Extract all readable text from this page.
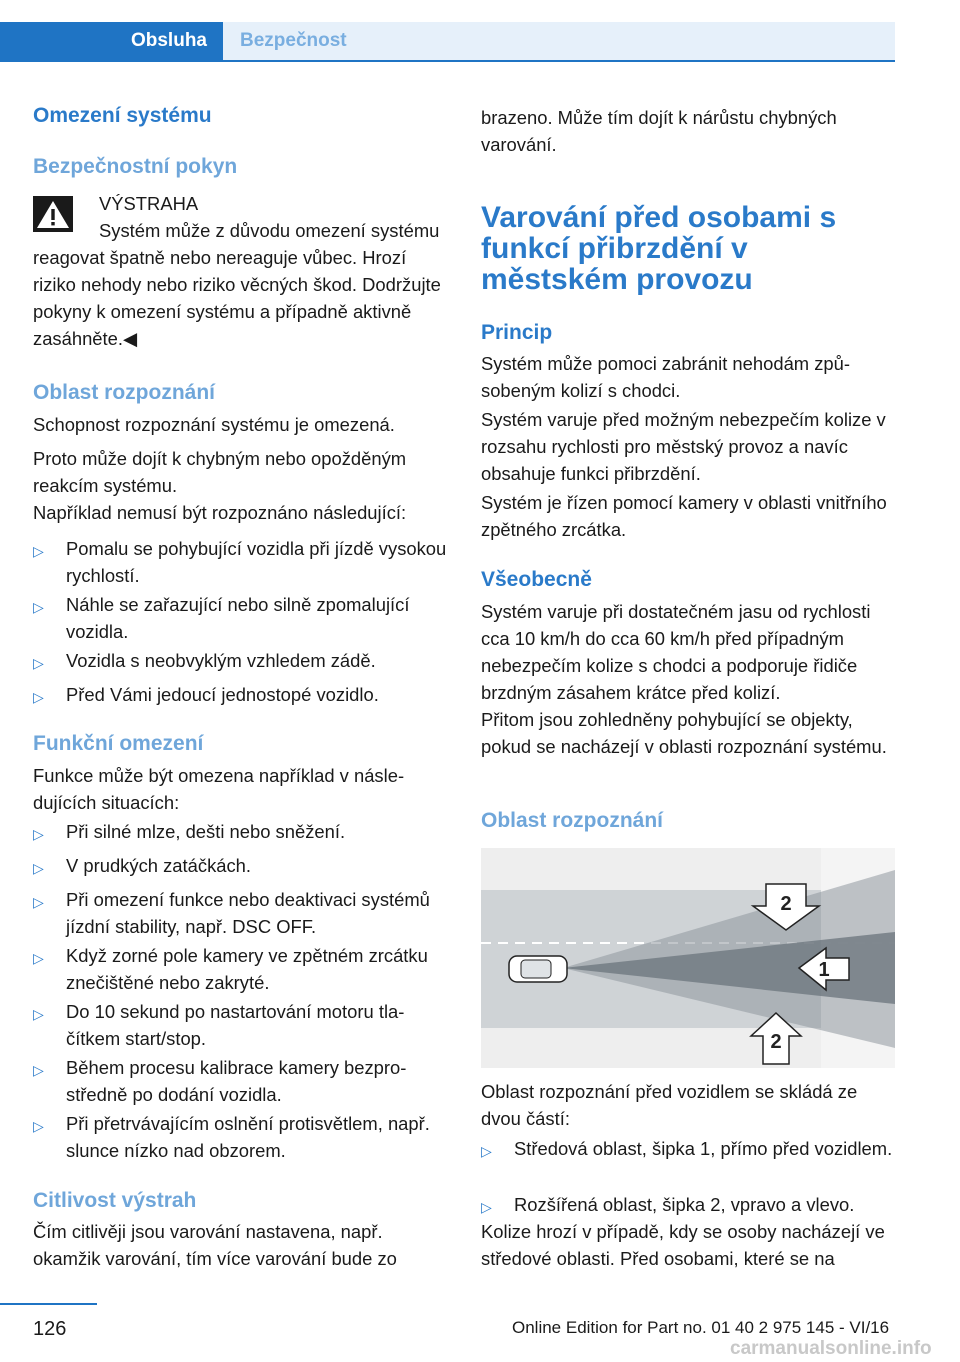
Obsluha Bezpečnost
Omezení systému
Bezpečnostní pokyn
VÝSTRAHA

Systém může z důvodu omezení systému reagovat špatně nebo nereaguje vůbec. Hrozí riziko nehody nebo riziko věcných škod. Dodržujte pokyny k omezení systému a případně aktivně zasáhněte.◀

Oblast rozpoznání

Schopnost rozpoznání systému je omezená.

Proto může dojít k chybným nebo opožděným reakcím systému.

Například nemusí být rozpoznáno následující:

▷ Pomalu se pohybující vozidla při jízdě vysokou rychlostí.
▷ Náhle se zařazující nebo silně zpomalující vozidla.
▷ Vozidla s neobvyklým vzhledem zádě.
▷ Před Vámi jedoucí jednostopé vozidlo.
Funkční omezení

Funkce může být omezena například v následujících situacích:

▷ Při silné mlze, dešti nebo sněžení.
▷ V prudkých zatáčkách.
▷ Při omezení funkce nebo deaktivaci systémů jízdní stability, např. DSC OFF.
▷ Když zorné pole kamery ve zpětném zrcátku znečištěné nebo zakryté.
▷ Do 10 sekund po nastartování motoru tlačítkem start/stop.
▷ Během procesu kalibrace kamery bezprostředně po dodání vozidla.
▷ Při přetrvávajícím oslnění protisvětlem, např. slunce nízko nad obzorem.
Citlivost výstrah

Čím citlivěji jsou varování nastavena, např. okamžik varování, tím více varování bude zo

brazeno. Může tím dojít k nárůstu chybných varování.

Varování před osobami s funkcí přibrzdění v městském provozu
Princip

Systém může pomoci zabránit nehodám způsobeným kolizí s chodci.

Systém varuje před možným nebezpečím kolize v rozsahu rychlosti pro městský provoz a navíc obsahuje funkci přibrzdění.

Systém je řízen pomocí kamery v oblasti vnitřního zpětného zrcátka.

Všeobecně

Systém varuje při dostatečném jasu od rychlosti cca 10 km/h do cca 60 km/h před případným nebezpečím kolize s chodci a podporuje řidiče brzdným zásahem krátce před kolizí.

Přitom jsou zohledněny pohybující se objekty, pokud se nacházejí v oblasti rozpoznání systému.

Oblast rozpoznání
2
1
2

Oblast rozpoznání před vozidlem se skládá ze dvou částí:

▷ Středová oblast, šipka 1, přímo před vozidlem.
▷ Rozšířená oblast, šipka 2, vpravo a vlevo.

Kolize hrozí v případě, kdy se osoby nacházejí ve středové oblasti. Před osobami, které se na

126	Online Edition for Part no. 01 40 2 975 145 - VI/16
carmanualsonline.info
